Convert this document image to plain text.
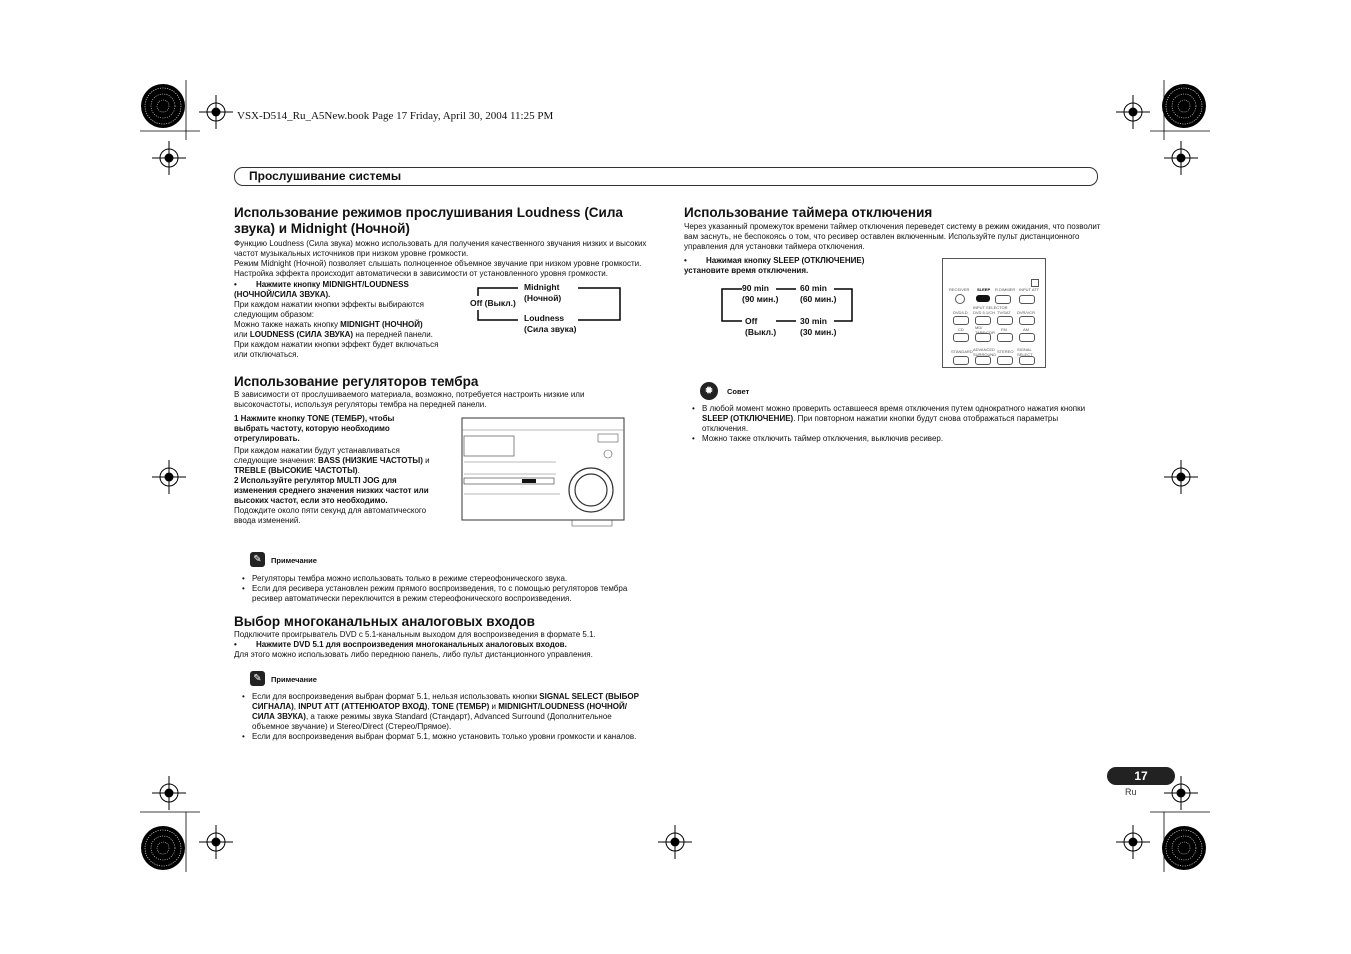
VSX-D514_Ru_A5New.book Page 17 Friday, April 30, 2004 11:25 PM
Прослушивание системы
Использование режимов прослушивания Loudness (Сила
звука) и Midnight (Ночной)
Функцию Loudness (Сила звука) можно использовать для получения качественного звучания низких и высоких
частот музыкальных источников при низком уровне громкости.
Режим Midnight (Ночной) позволяет слышать полноценное объемное звучание при низком уровне громкости.
Настройка эффекта происходит автоматически в зависимости от установленного уровня громкости.
• Нажмите кнопку MIDNIGHT/LOUDNESS
(НОЧНОЙ/СИЛА ЗВУКА).
При каждом нажатии кнопки эффекты выбираются
следующим образом:
Можно также нажать кнопку MIDNIGHT (НОЧНОЙ)
или LOUDNESS (СИЛА ЗВУКА) на передней панели.
При каждом нажатии кнопки эффект будет включаться
или отключаться.
Off (Выкл.)
Midnight
(Ночной)
Loudness
(Сила звука)
Использование регуляторов тембра
В зависимости от прослушиваемого материала, возможно, потребуется настроить низкие или
высокочастоты, используя регуляторы тембра на передней панели.
1 Нажмите кнопку TONE (ТЕМБР), чтобы
выбрать частоту, которую необходимо
отрегулировать.
При каждом нажатии будут устанавливаться
следующие значения: BASS (НИЗКИЕ ЧАСТОТЫ) и
TREBLE (ВЫСОКИЕ ЧАСТОТЫ).
2 Используйте регулятор MULTI JOG для
изменения среднего значения низких частот или
высоких частот, если это необходимо.
Подождите около пяти секунд для автоматического
ввода изменений.
✎	Примечание
• Регуляторы тембра можно использовать только в режиме стереофонического звука.
• Если для ресивера установлен режим прямого воспроизведения, то с помощью регуляторов тембра
ресивер автоматически переключится в режим стереофонического воспроизведения.
Выбор многоканальных аналоговых входов
Подключите проигрыватель DVD с 5.1-канальным выходом для воспроизведения в формате 5.1.
• Нажмите DVD 5.1 для воспроизведения многоканальных аналоговых входов.
Для этого можно использовать либо переднюю панель, либо пульт дистанционного управления.
✎	Примечание
• Если для воспроизведения выбран формат 5.1, нельзя использовать кнопки SIGNAL SELECT (ВЫБОР
СИГНАЛА), INPUT ATT (АТТЕНЮАТОР ВХОД), TONE (ТЕМБР) и MIDNIGHT/LOUDNESS (НОЧНОЙ/
СИЛА ЗВУКА), а также режимы звука Standard (Стандарт), Advanced Surround (Дополнительное
объемное звучание) и Stereo/Direct (Стерео/Прямое).
• Если для воспроизведения выбран формат 5.1, можно установить только уровни громкости и каналов.
Использование таймера отключения
Через указанный промежуток времени таймер отключения переведет систему в режим ожидания, что позволит
вам заснуть, не беспокоясь о том, что ресивер оставлен включенным. Используйте пульт дистанционного
управления для установки таймера отключения.
• Нажимая кнопку SLEEP (ОТКЛЮЧЕНИЕ)
установите время отключения.
90 min
(90 мин.)
60 min
(60 мин.)
Off
(Выкл.)
30 min
(30 мин.)
RECEIVER SLEEP R.DIMMER INPUT ATT
INPUT SELECTOR
DVD/LD DVD 5.1/CH TV/SAT DVR/VCR
CD	MD/ TAPE/CDR
FM	AM
STANDARD ADVANCED SURROUND
STEREO SIGNAL SELECT
✹	Совет
• В любой момент можно проверить оставшееся время отключения путем однократного нажатия кнопки
SLEEP (ОТКЛЮЧЕНИЕ). При повторном нажатии кнопки будут снова отображаться параметры
отключения.
• Можно также отключить таймер отключения, выключив ресивер.
17
Ru
